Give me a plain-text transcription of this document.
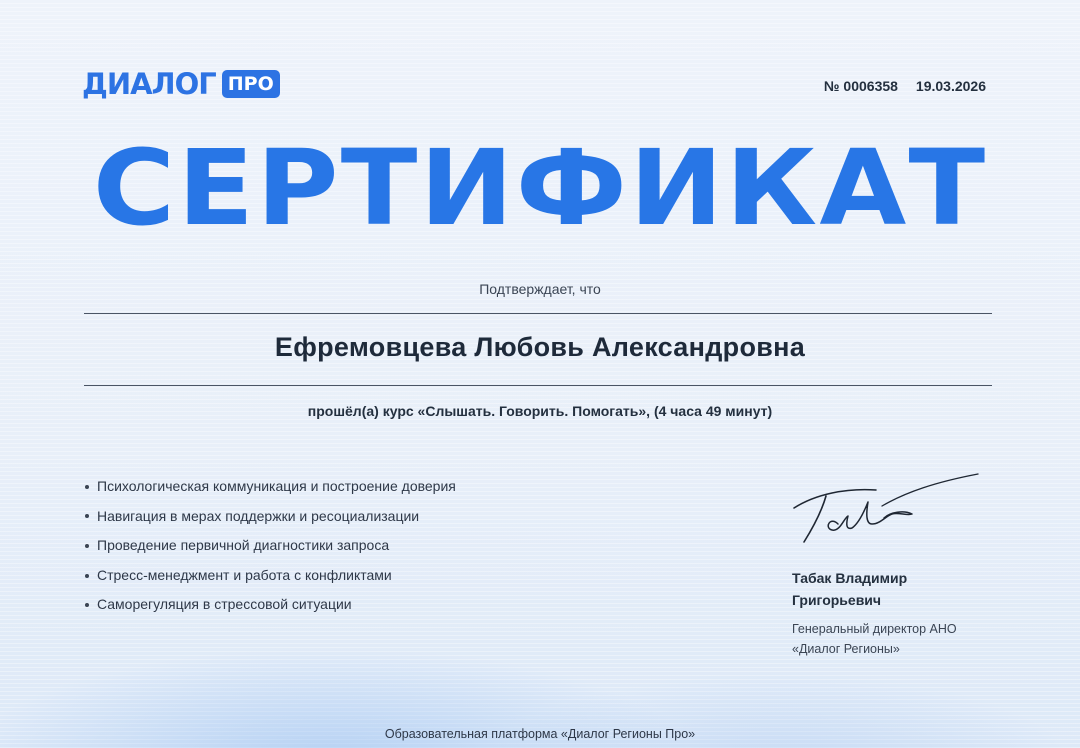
ДИАЛОГ ПРО	№ 0006358 19.03.2026
СЕРТИФИКАТ
Подтверждает, что
Ефремовцева Любовь Александровна
прошёл(а) курс «Слышать. Говорить. Помогать», (4 часа 49 минут)
Психологическая коммуникация и построение доверия
Навигация в мерах поддержки и ресоциализации
Проведение первичной диагностики запроса
Стресс-менеджмент и работа с конфликтами
Саморегуляция в стрессовой ситуации
Табак Владимир
Григорьевич
Генеральный директор АНО
«Диалог Регионы»
Образовательная платформа «Диалог Регионы Про»
